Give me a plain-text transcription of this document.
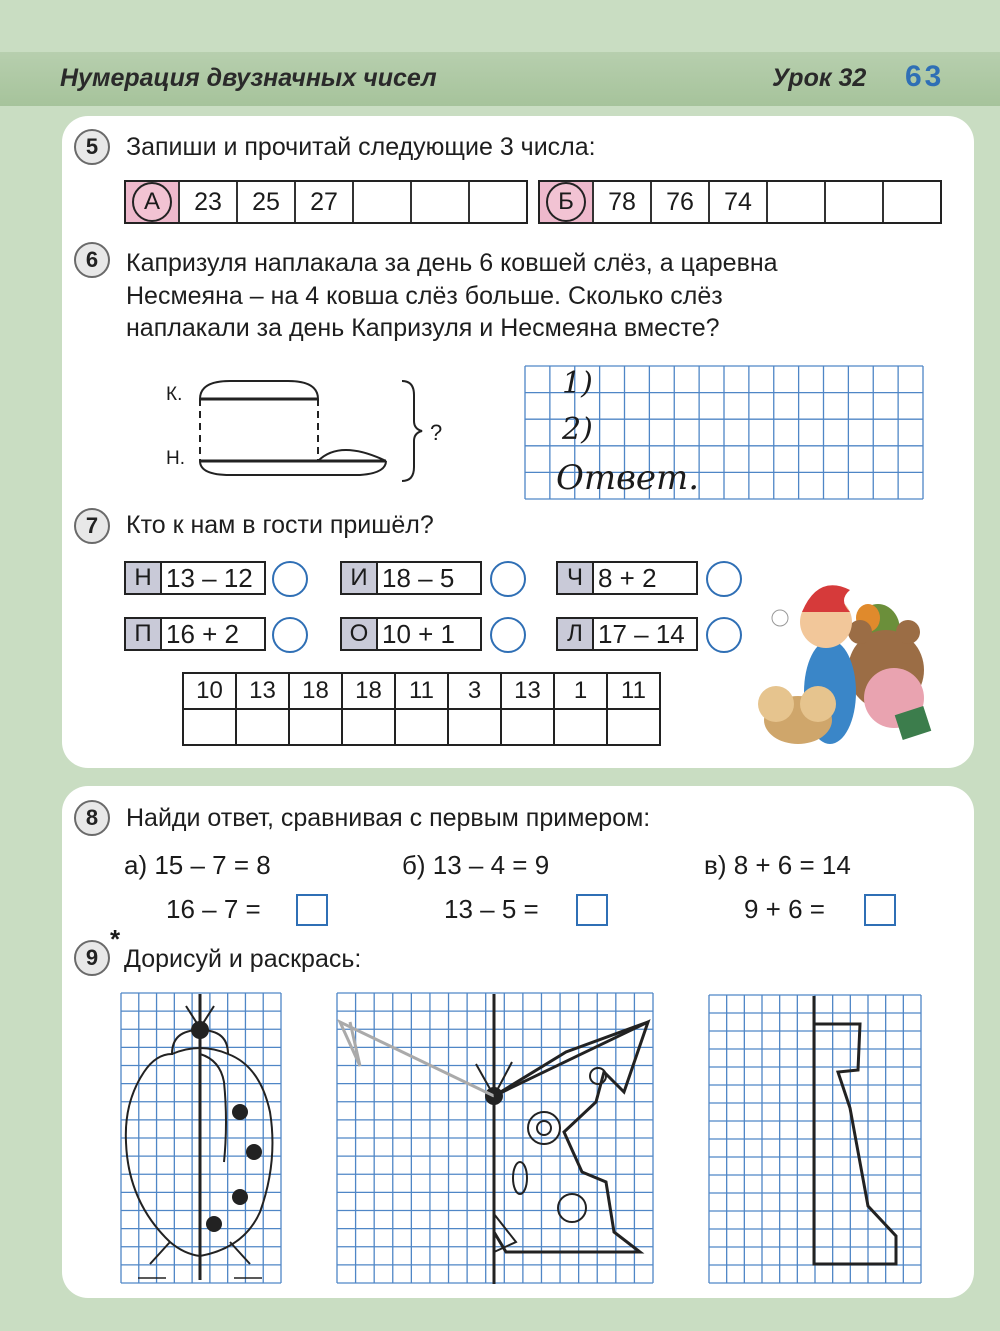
Нумерация двузначных чисел	Урок 32 63
5	Запиши и прочитай следующие 3 числа:
А	23	25	27	Б	78	76	74
6	Капризуля наплакала за день 6 ковшей слёз, а царевна
Несмеяна – на 4 ковша слёз больше. Сколько слёз
наплакали за день Капризуля и Несмеяна вместе?
К.
Н.
?
1)
2)
Ответ.
7	Кто к нам в гости пришёл?
Н 13 – 12	И 18 – 5	Ч 8 + 2
П 16 + 2	О 10 + 1	Л 17 – 14
10	13	18	18	11	3	13	1	11

8	Найди ответ, сравнивая с первым примером:
а) 15 – 7 = 8
16 – 7 =
б) 13 – 4 = 9
13 – 5 =
в) 8 + 6 = 14
9 + 6 =
9
*
Дорисуй и раскрась:
